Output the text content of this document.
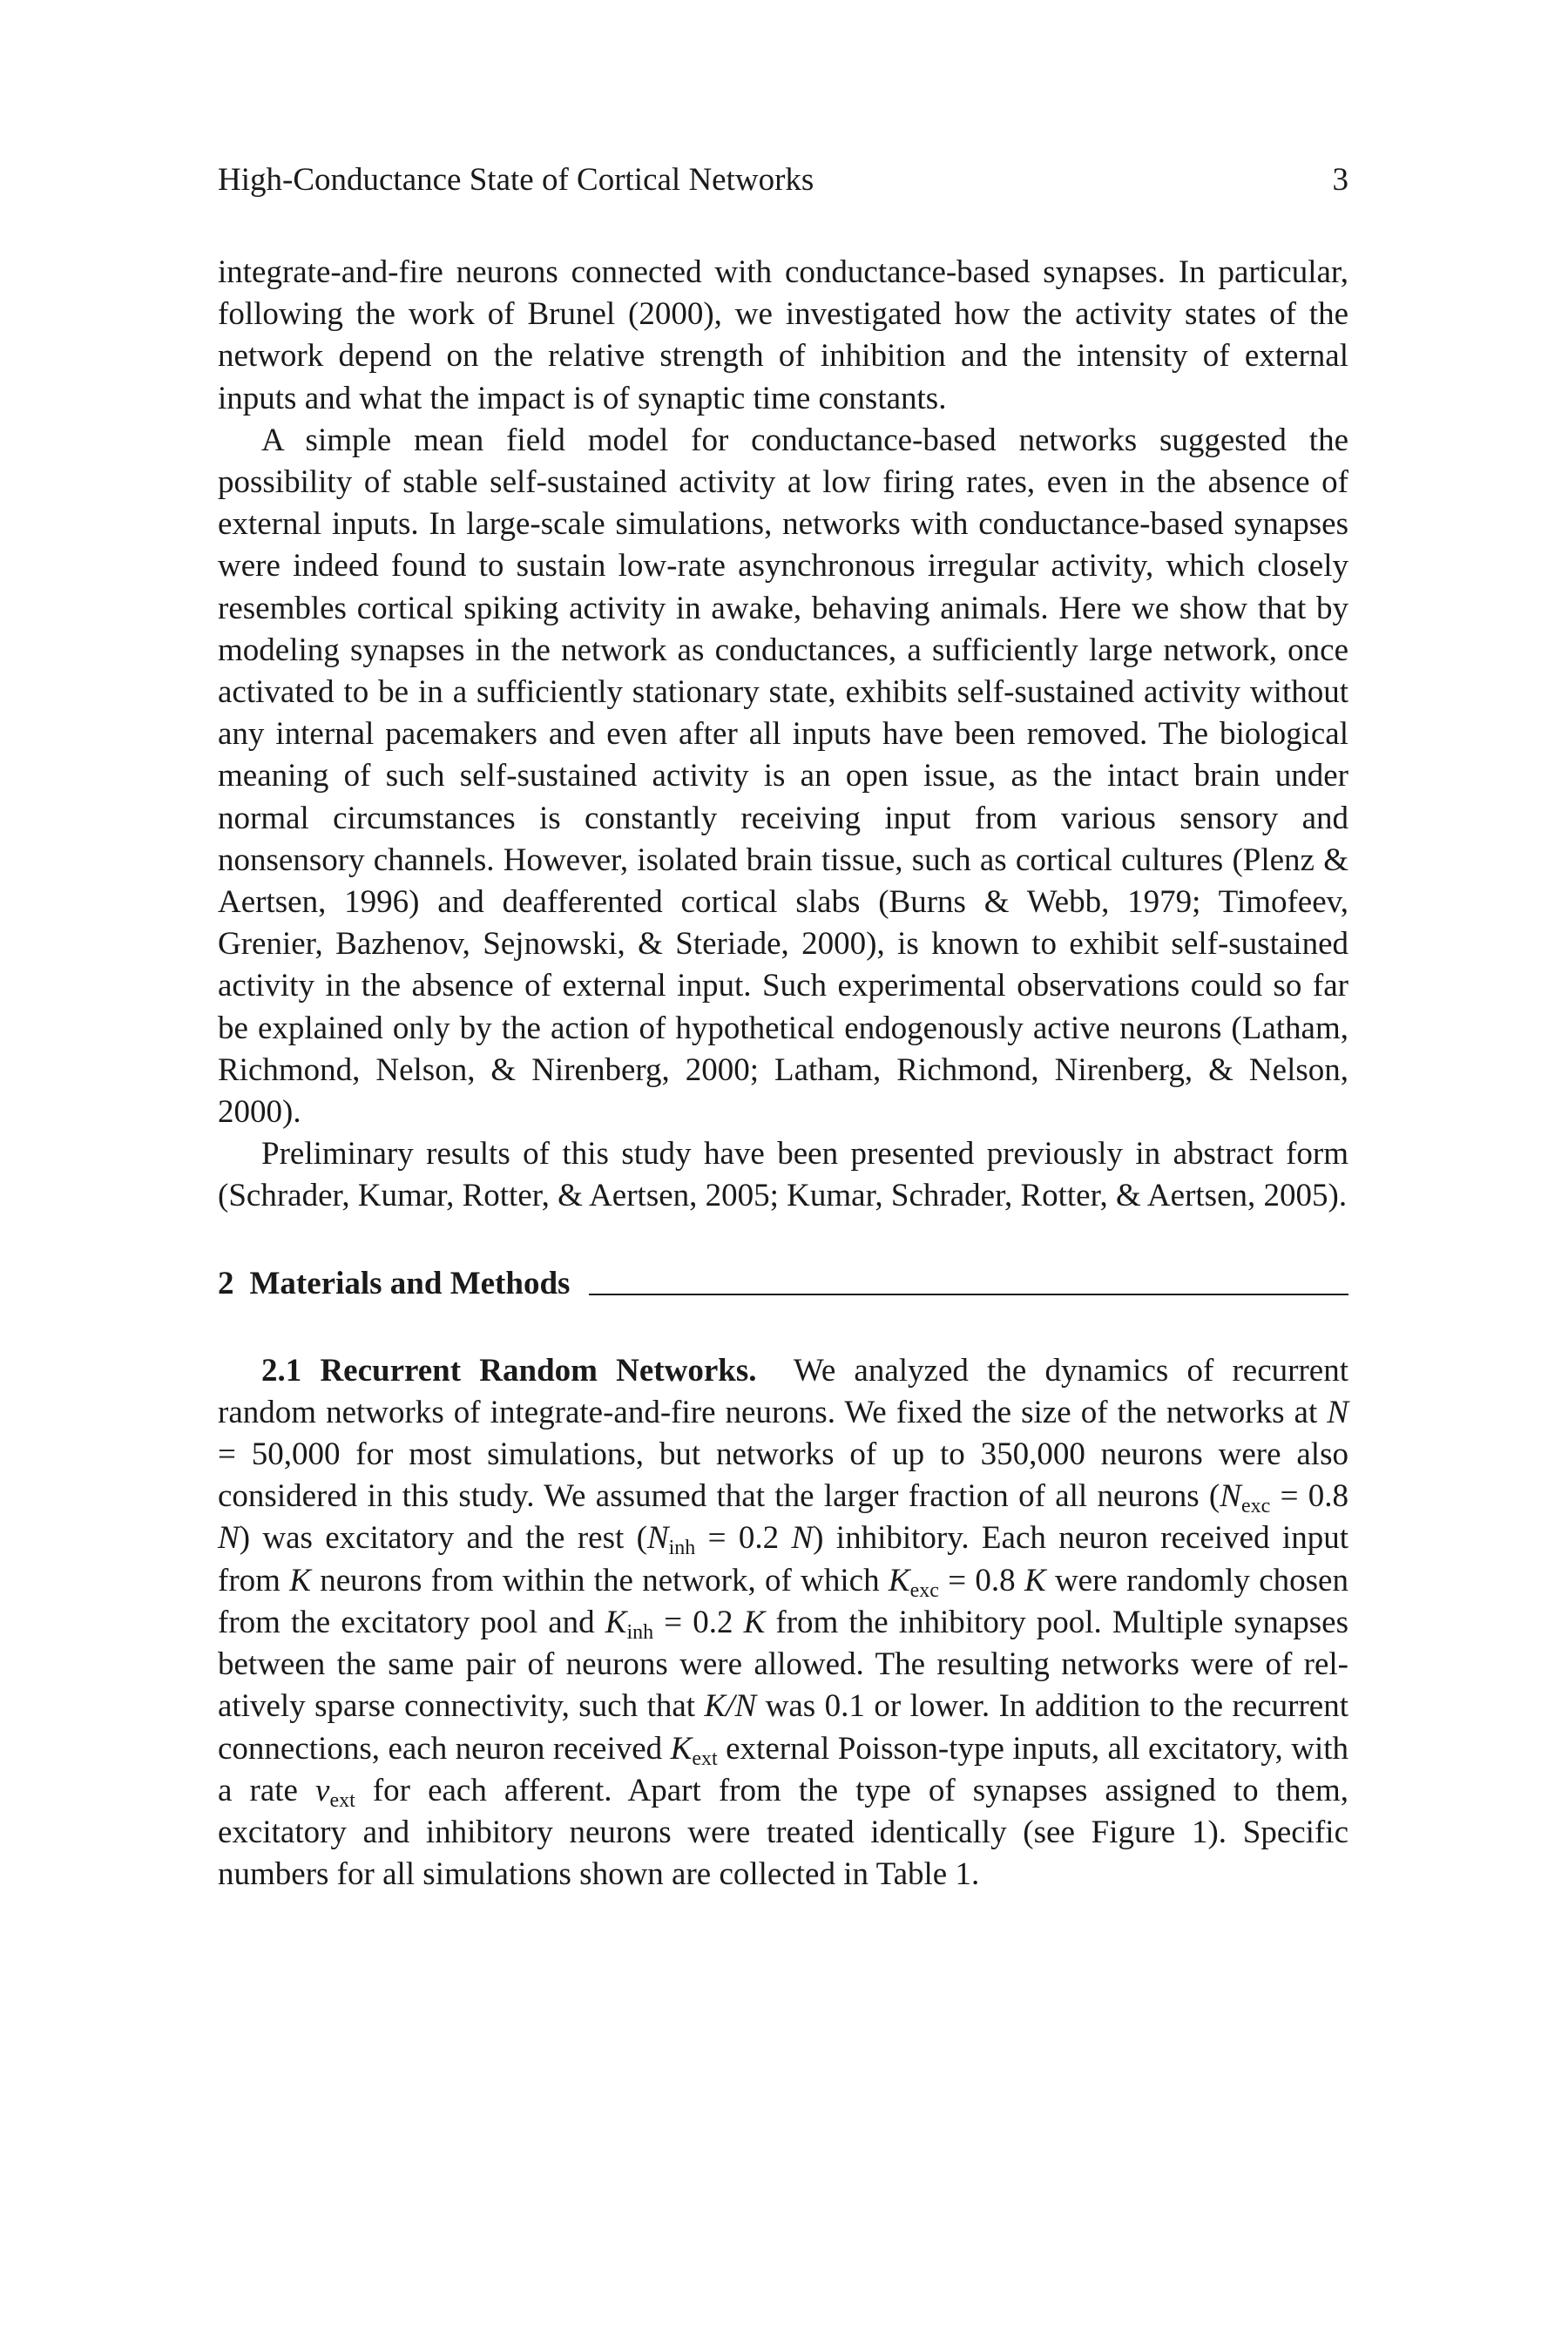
High-Conductance State of Cortical Networks	3

integrate-and-fire neurons connected with conductance-based synapses. In particular, following the work of Brunel (2000), we investigated how the activity states of the network depend on the relative strength of inhibition and the intensity of external inputs and what the impact is of synaptic time constants.

A simple mean field model for conductance-based networks suggested the possibility of stable self-sustained activity at low firing rates, even in the absence of external inputs. In large-scale simulations, networks with conductance-based synapses were indeed found to sustain low-rate asynchronous irregular activity, which closely resembles cortical spiking activity in awake, behaving animals. Here we show that by modeling synapses in the network as conductances, a sufficiently large network, once activated to be in a sufficiently stationary state, exhibits self-sustained activity without any internal pacemakers and even after all inputs have been removed. The biological meaning of such self-sustained activity is an open issue, as the intact brain under normal circumstances is constantly receiving input from various sensory and nonsensory channels. However, isolated brain tissue, such as cortical cultures (Plenz & Aertsen, 1996) and deafferented cortical slabs (Burns & Webb, 1979; Timofeev, Grenier, Bazhenov, Sejnowski, & Steriade, 2000), is known to exhibit self-sustained activity in the absence of external input. Such experimental observations could so far be explained only by the action of hypothetical endogenously active neurons (Latham, Richmond, Nelson, & Nirenberg, 2000; Latham, Richmond, Nirenberg, & Nelson, 2000).

Preliminary results of this study have been presented previously in abstract form (Schrader, Kumar, Rotter, & Aertsen, 2005; Kumar, Schrader, Rotter, & Aertsen, 2005).

2 Materials and Methods

2.1 Recurrent Random Networks. We analyzed the dynamics of recurrent random networks of integrate-and-fire neurons. We fixed the size of the networks at N = 50,000 for most simulations, but networks of up to 350,000 neurons were also considered in this study. We assumed that the larger fraction of all neurons ($N_{exc} = 0.8$ N) was excitatory and the rest ($N_{inh} = 0.2$ N) inhibitory. Each neuron received input from K neurons from within the network, of which $K_{exc} = 0.8$ K were randomly chosen from the excitatory pool and $K_{inh} = 0.2$ K from the inhibitory pool. Multiple synapses between the same pair of neurons were allowed. The resulting networks were of relatively sparse connectivity, such that K/N was 0.1 or lower. In addition to the recurrent connections, each neuron received $K_{ext}$ external Poisson-type inputs, all excitatory, with a rate $\nu_{ext}$ for each afferent. Apart from the type of synapses assigned to them, excitatory and inhibitory neurons were treated identically (see Figure 1). Specific numbers for all simulations shown are collected in Table 1.
